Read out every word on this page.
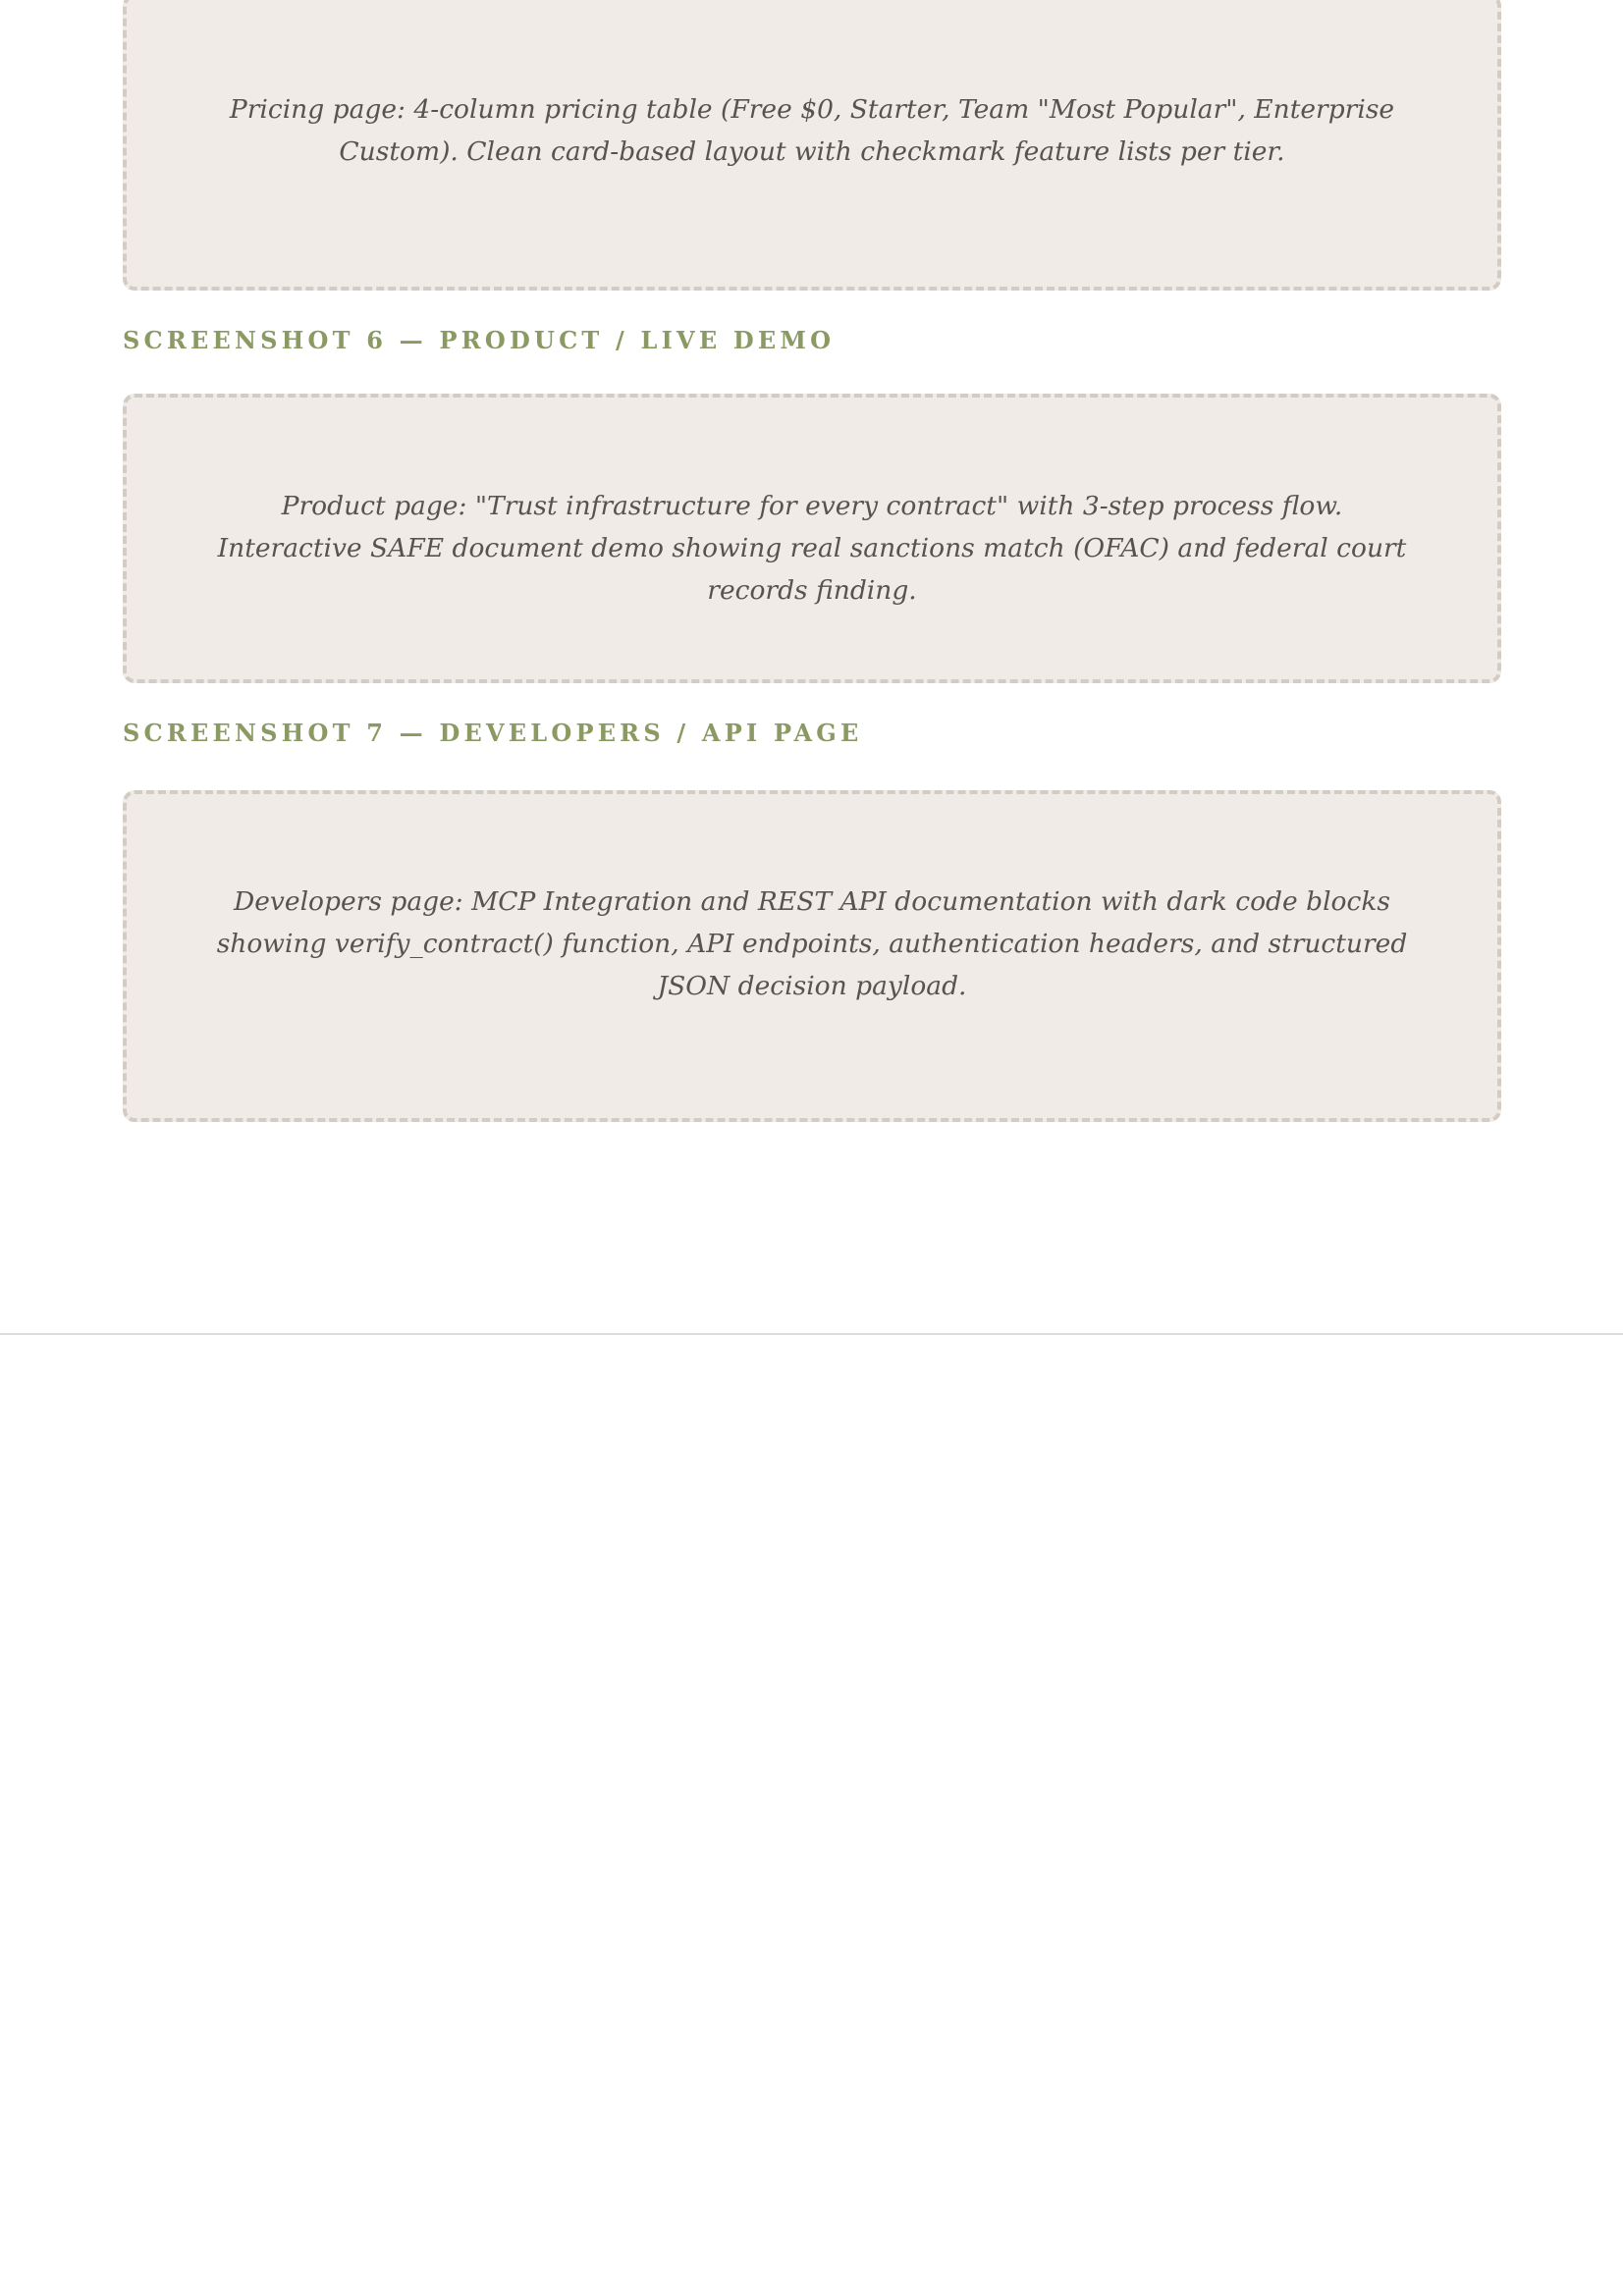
Pricing page: 4-column pricing table (Free $0, Starter, Team "Most Popular", Enterprise Custom). Clean card-based layout with checkmark feature lists per tier.

SCREENSHOT 6 — PRODUCT / LIVE DEMO

Product page: "Trust infrastructure for every contract" with 3-step process flow. Interactive SAFE document demo showing real sanctions match (OFAC) and federal court records finding.

SCREENSHOT 7 — DEVELOPERS / API PAGE

Developers page: MCP Integration and REST API documentation with dark code blocks showing verify_contract() function, API endpoints, authentication headers, and structured JSON decision payload.
